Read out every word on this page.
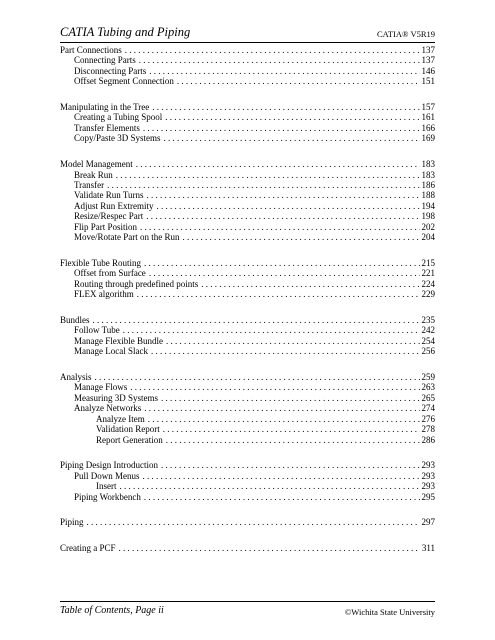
CATIA Tubing and Piping	CATIA® V5R19
Part Connections . . .	137
Connecting Parts . . .	137
Disconnecting Parts . . .	146
Offset Segment Connection . . .	151
Manipulating in the Tree . . .	157
Creating a Tubing Spool . . .	161
Transfer Elements . . .	166
Copy/Paste 3D Systems . . .	169
Model Management . . .	183
Break Run . . .	183
Transfer . . .	186
Validate Run Turns . . .	188
Adjust Run Extremity . . .	194
Resize/Respec Part . . .	198
Flip Part Position . . .	202
Move/Rotate Part on the Run . . .	204
Flexible Tube Routing . . .	215
Offset from Surface . . .	221
Routing through predefined points . . .	224
FLEX algorithm . . .	229
Bundles . . .	235
Follow Tube . . .	242
Manage Flexible Bundle . . .	254
Manage Local Slack . . .	256
Analysis . . .	259
Manage Flows . . .	263
Measuring 3D Systems . . .	265
Analyze Networks . . .	274
Analyze Item . . .	276
Validation Report . . .	278
Report Generation . . .	286
Piping Design Introduction . . .	293
Pull Down Menus . . .	293
Insert . . .	293
Piping Workbench . . .	295
Piping . . .	297
Creating a PCF . . .	311
Table of Contents, Page ii	©Wichita State University
